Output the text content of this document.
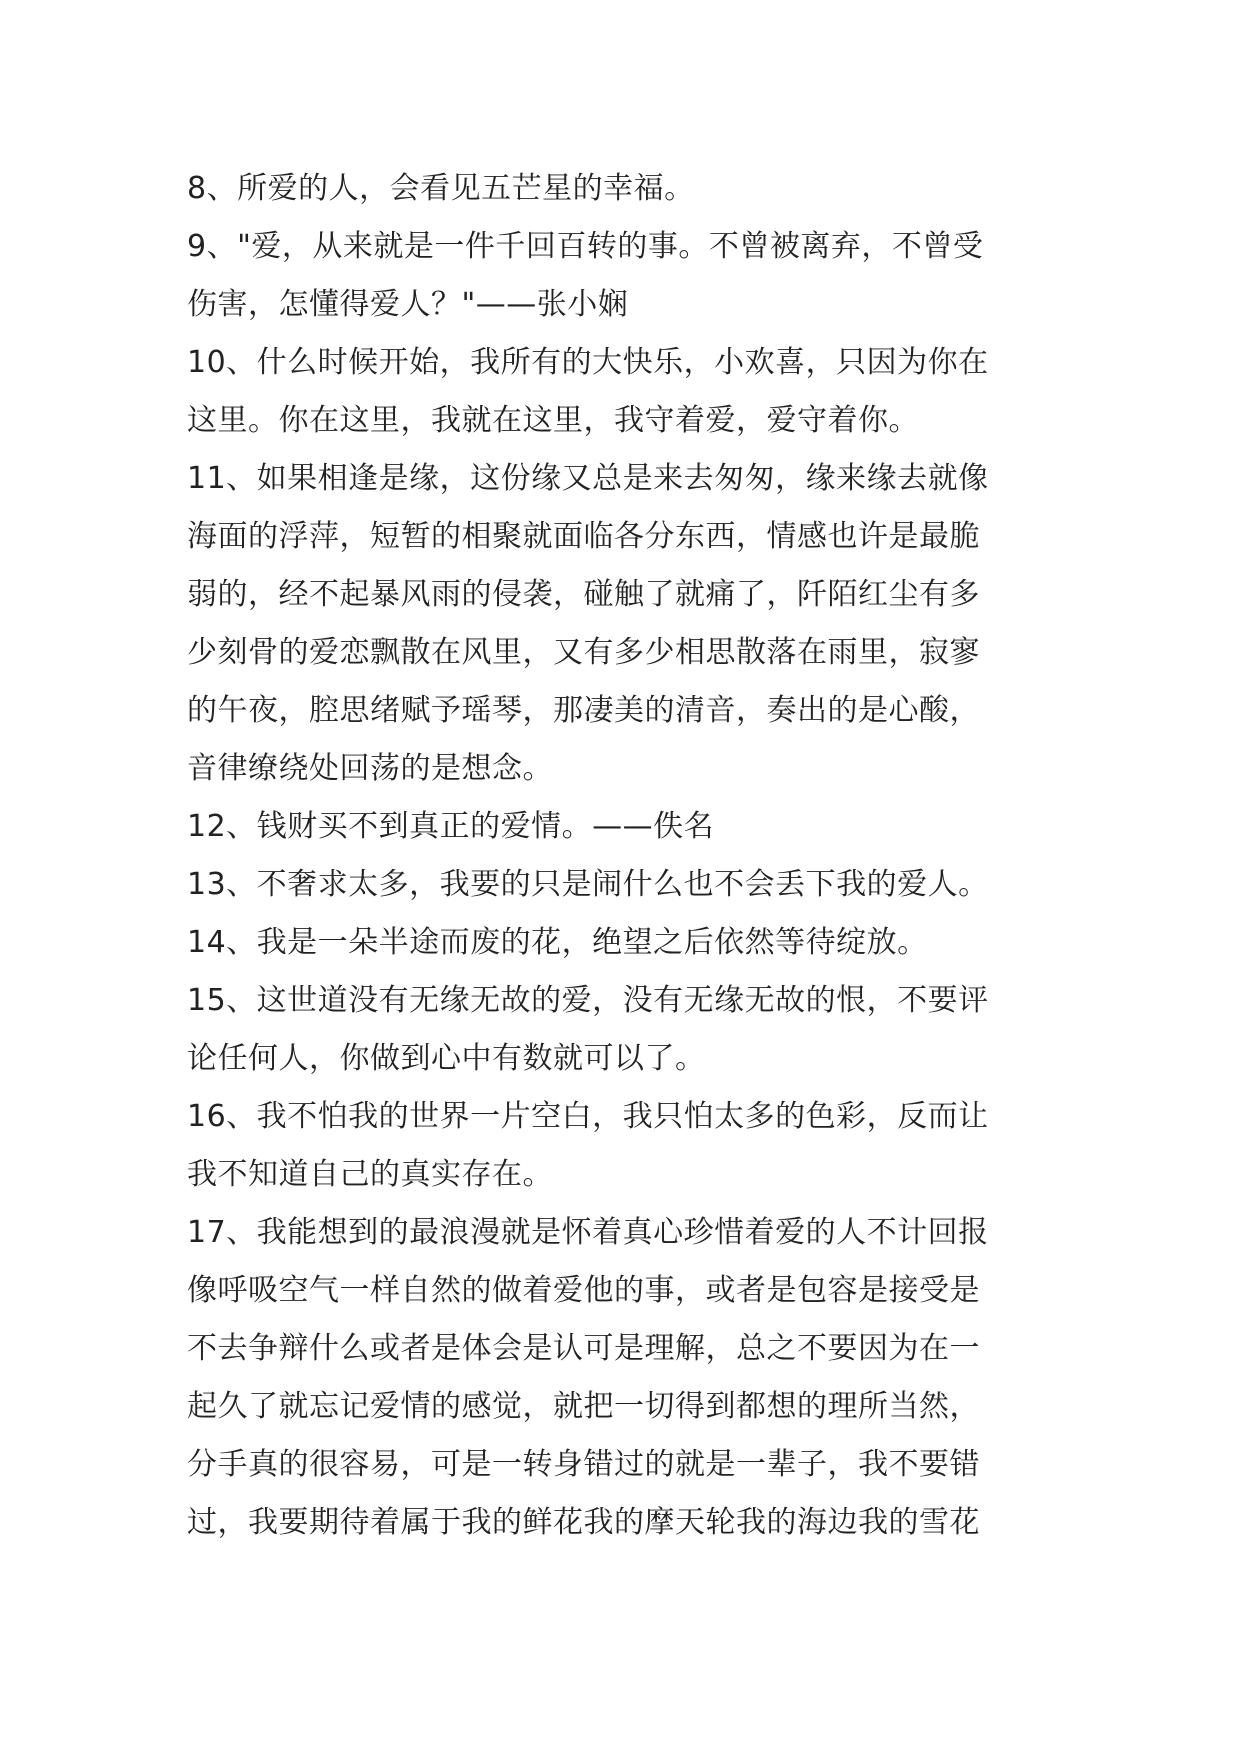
8、所爱的人，会看见五芒星的幸福。
9、"爱，从来就是一件千回百转的事。不曾被离弃，不曾受
伤害，怎懂得爱人？"——张小娴
10、什么时候开始，我所有的大快乐，小欢喜，只因为你在
这里。你在这里，我就在这里，我守着爱，爱守着你。
11、如果相逢是缘，这份缘又总是来去匆匆，缘来缘去就像
海面的浮萍，短暂的相聚就面临各分东西，情感也许是最脆
弱的，经不起暴风雨的侵袭，碰触了就痛了，阡陌红尘有多
少刻骨的爱恋飘散在风里，又有多少相思散落在雨里，寂寥
的午夜，腔思绪赋予瑶琴，那凄美的清音，奏出的是心酸，
音律缭绕处回荡的是想念。
12、钱财买不到真正的爱情。——佚名
13、不奢求太多，我要的只是闹什么也不会丢下我的爱人。
14、我是一朵半途而废的花，绝望之后依然等待绽放。
15、这世道没有无缘无故的爱，没有无缘无故的恨，不要评
论任何人，你做到心中有数就可以了。
16、我不怕我的世界一片空白，我只怕太多的色彩，反而让
我不知道自己的真实存在。
17、我能想到的最浪漫就是怀着真心珍惜着爱的人不计回报
像呼吸空气一样自然的做着爱他的事，或者是包容是接受是
不去争辩什么或者是体会是认可是理解，总之不要因为在一
起久了就忘记爱情的感觉，就把一切得到都想的理所当然，
分手真的很容易，可是一转身错过的就是一辈子，我不要错
过，我要期待着属于我的鲜花我的摩天轮我的海边我的雪花
